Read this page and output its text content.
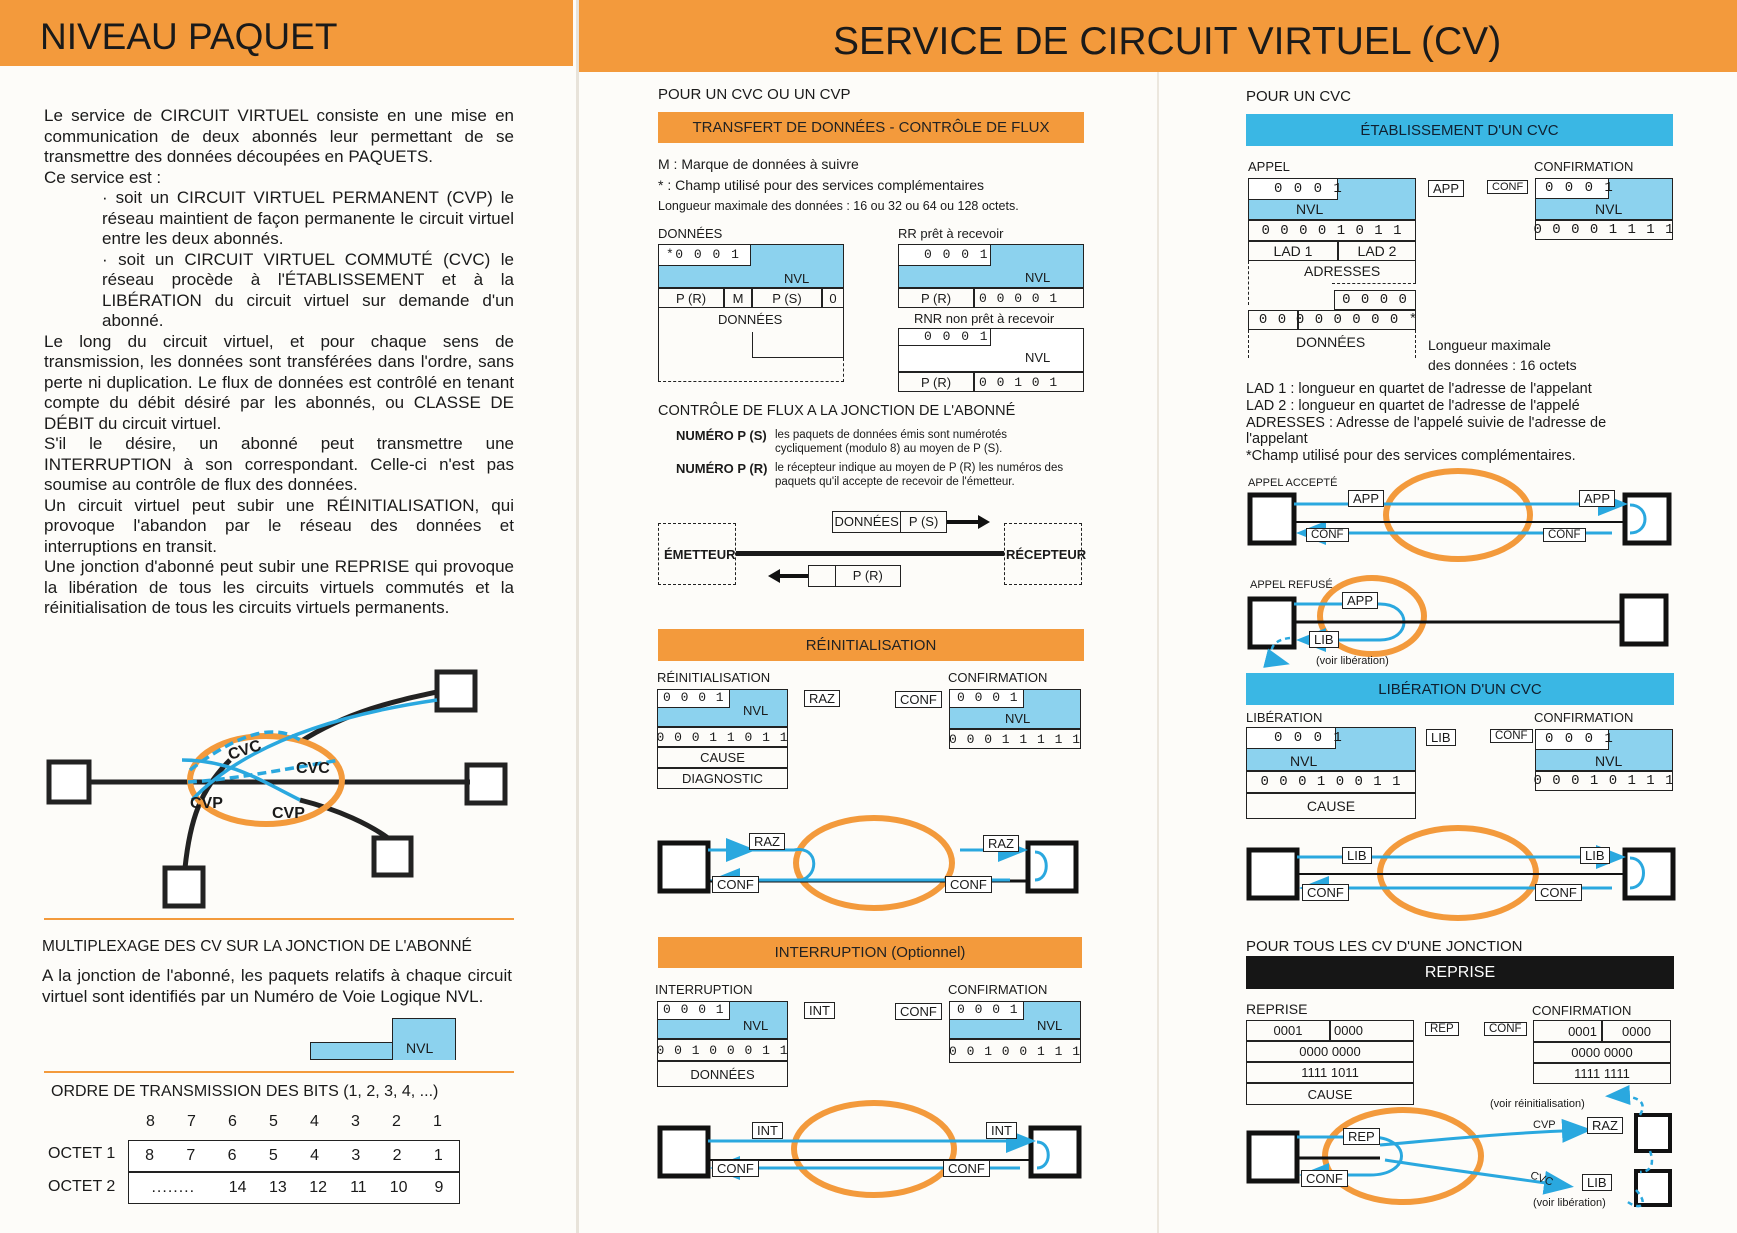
NIVEAU PAQUET	SERVICE DE CIRCUIT VIRTUEL (CV)
Le service de CIRCUIT VIRTUEL consiste en une mise en communication de deux abonnés leur permettant de se transmettre des données découpées en PAQUETS.
Ce service est :
· soit un CIRCUIT VIRTUEL PERMANENT (CVP) le réseau maintient de façon permanente le circuit virtuel entre les deux abonnés.
· soit un CIRCUIT VIRTUEL COMMUTÉ (CVC) le réseau procède à l'ÉTABLISSEMENT et à la LIBÉRATION du circuit virtuel sur demande d'un abonné.
Le long du circuit virtuel, et pour chaque sens de transmission, les données sont transférées dans l'ordre, sans perte ni duplication. Le flux de données est contrôlé en tenant compte du débit désiré par les abonnés, ou CLASSE DE DÉBIT du circuit virtuel.
S'il le désire, un abonné peut transmettre une INTERRUPTION à son correspondant. Celle-ci n'est pas soumise au contrôle de flux des données.
Un circuit virtuel peut subir une RÉINITIALISATION, qui provoque l'abandon par le réseau des données et interruptions en transit.
Une jonction d'abonné peut subir une REPRISE qui provoque la libération de tous les circuits virtuels commutés et la réinitialisation de tous les circuits virtuels permanents.
CVC
CVC
CVP
CVP
MULTIPLEXAGE DES CV SUR LA JONCTION DE L'ABONNÉ
A la jonction de l'abonné, les paquets relatifs à chaque circuit virtuel sont identifiés par un Numéro de Voie Logique NVL.
NVL
ORDRE DE TRANSMISSION DES BITS (1, 2, 3, 4, ...)
8	7	6	5	4	3	2	1
OCTET 1	8	7	6	5	4	3	2	1
OCTET 2	........	14	13	12	11	10	9
POUR UN CVC OU UN CVP
TRANSFERT DE DONNÉES - CONTRÔLE DE FLUX
M : Marque de données à suivre
* : Champ utilisé pour des services complémentaires
Longueur maximale des données : 16 ou 32 ou 64 ou 128 octets.
DONNÉES
*0 0 0 1
NVL
P (R) M P (S) 0
DONNÉES
RR prêt à recevoir
0 0 0 1
NVL
P (R) 0 0 0 0 1
RNR non prêt à recevoir
0 0 0 1
NVL
P (R) 0 0 1 0 1
CONTRÔLE DE FLUX A LA JONCTION DE L'ABONNÉ
NUMÉRO P (S) les paquets de données émis sont numérotés cycliquement (modulo 8) au moyen de P (S).
NUMÉRO P (R) le récepteur indique au moyen de P (R) les numéros des paquets qu'il accepte de recevoir de l'émetteur.
ÉMETTEUR	RÉCEPTEUR
DONNÉES P (S)
P (R)
RÉINITIALISATION
RÉINITIALISATION	CONFIRMATION
0 0 0 1
NVL
0 0 0 1 1 0 1 1
CAUSE
DIAGNOSTIC
RAZ	CONF	0 0 0 1
NVL
0 0 0 1 1 1 1 1
INTERRUPTION (Optionnel)
INTERRUPTION	CONFIRMATION
0 0 0 1
NVL
0 0 1 0 0 0 1 1
DONNÉES
INT	CONF	0 0 0 1
NVL
0 0 1 0 0 1 1 1
POUR UN CVC
ÉTABLISSEMENT D'UN CVC
APPEL	CONFIRMATION
0 0 0 1
NVL
0 0 0 0 1 0 1 1
LAD 1	LAD 2
ADRESSES
0 0 0 0
0 0 0 0 0 0 0 0 *
DONNÉES
APP	CONF	0 0 0 1
NVL
0 0 0 0 1 1 1 1
Longueur maximale
des données : 16 octets
LAD 1 : longueur en quartet de l'adresse de l'appelant
LAD 2 : longueur en quartet de l'adresse de l'appelé
ADRESSES : Adresse de l'appelé suivie de l'adresse de l'appelant
*Champ utilisé pour des services complémentaires.
APPEL ACCEPTÉ
APPEL REFUSÉ
LIBÉRATION D'UN CVC
LIBÉRATION	CONFIRMATION
0 0 0 1
NVL
0 0 0 1 0 0 1 1
CAUSE
LIB	CONF	0 0 0 1
NVL
0 0 0 1 0 1 1 1
POUR TOUS LES CV D'UNE JONCTION
REPRISE
REPRISE	CONFIRMATION
0001 0000
0000 0000
1111 1011
CAUSE
REP	CONF	0001 0000
0000 0000
1111 1111
RAZ	RAZ
CONF	CONF
INT	INT
CONF	CONF
APP	APP
CONF	CONF
APP
LIB
(voir libération)
LIB	LIB
CONF	CONF
REP
CONF
(voir réinitialisation)
CVP
CVC
RAZ
LIB
(voir libération)
